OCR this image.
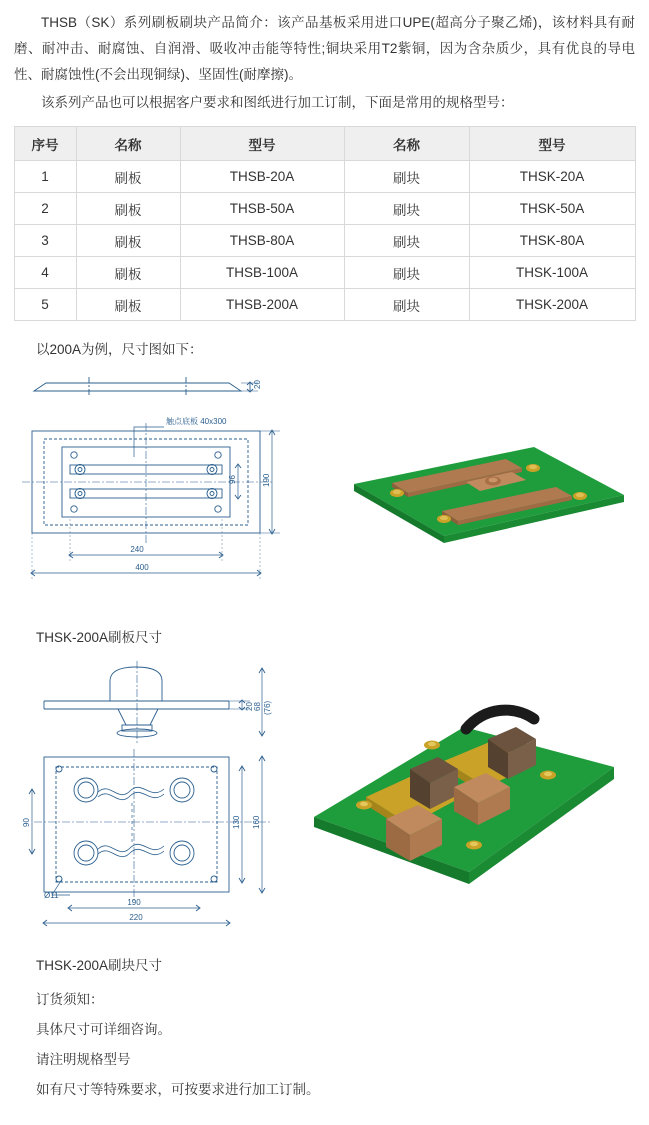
THSB（SK）系列刷板刷块产品简介：该产品基板采用进口UPE(超高分子聚乙烯)，该材料具有耐磨、耐冲击、耐腐蚀、自润滑、吸收冲击能等特性;铜块采用T2紫铜，因为含杂质少，具有优良的导电性、耐腐蚀性(不会出现铜绿)、坚固性(耐摩擦)。

该系列产品也可以根据客户要求和图纸进行加工订制，下面是常用的规格型号：

序号	名称	型号	名称	型号
1	刷板	THSB-20A	刷块	THSK-20A
2	刷板	THSB-50A	刷块	THSK-50A
3	刷板	THSB-80A	刷块	THSK-80A
4	刷板	THSB-100A	刷块	THSK-100A
5	刷板	THSB-200A	刷块	THSK-200A
以200A为例，尺寸图如下：
触点底板 40x300
20
96	190
240
400
THSK-200A刷板尺寸
20 68 (76)
90	130 160
190
220
Ø11
THSK-200A刷块尺寸
订货须知：
具体尺寸可详细咨询。
请注明规格型号
如有尺寸等特殊要求，可按要求进行加工订制。
